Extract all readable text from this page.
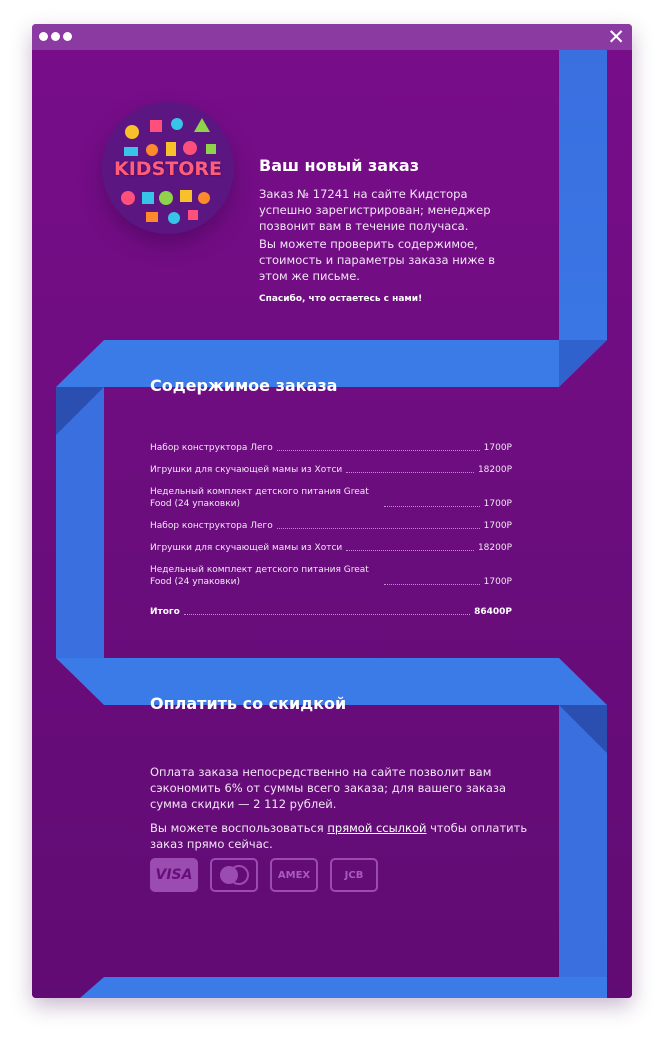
✕
KIDSTORE	Ваш новый заказ
Заказ № 17241 на сайте Кидстора успешно зарегистрирован; менеджер позвонит вам в течение получаса.
Вы можете проверить содержимое, стоимость и параметры заказа ниже в этом же письме.
Спасибо, что остаетесь с нами!
Содержимое заказа
Набор конструктора Лего	1700Р
Игрушки для скучающей мамы из Хотси	18200Р
Недельный комплект детского питания Great Food (24 упаковки)	1700Р
Набор конструктора Лего	1700Р
Игрушки для скучающей мамы из Хотси	18200Р
Недельный комплект детского питания Great Food (24 упаковки)	1700Р
Итого	86400Р
Оплатить со скидкой
Оплата заказа непосредственно на сайте позволит вам сэкономить 6% от суммы всего заказа; для вашего заказа сумма скидки — 2 112 рублей.
Вы можете воспользоваться прямой ссылкой чтобы оплатить заказ прямо сейчас.
VISA	AMEX	JCB
